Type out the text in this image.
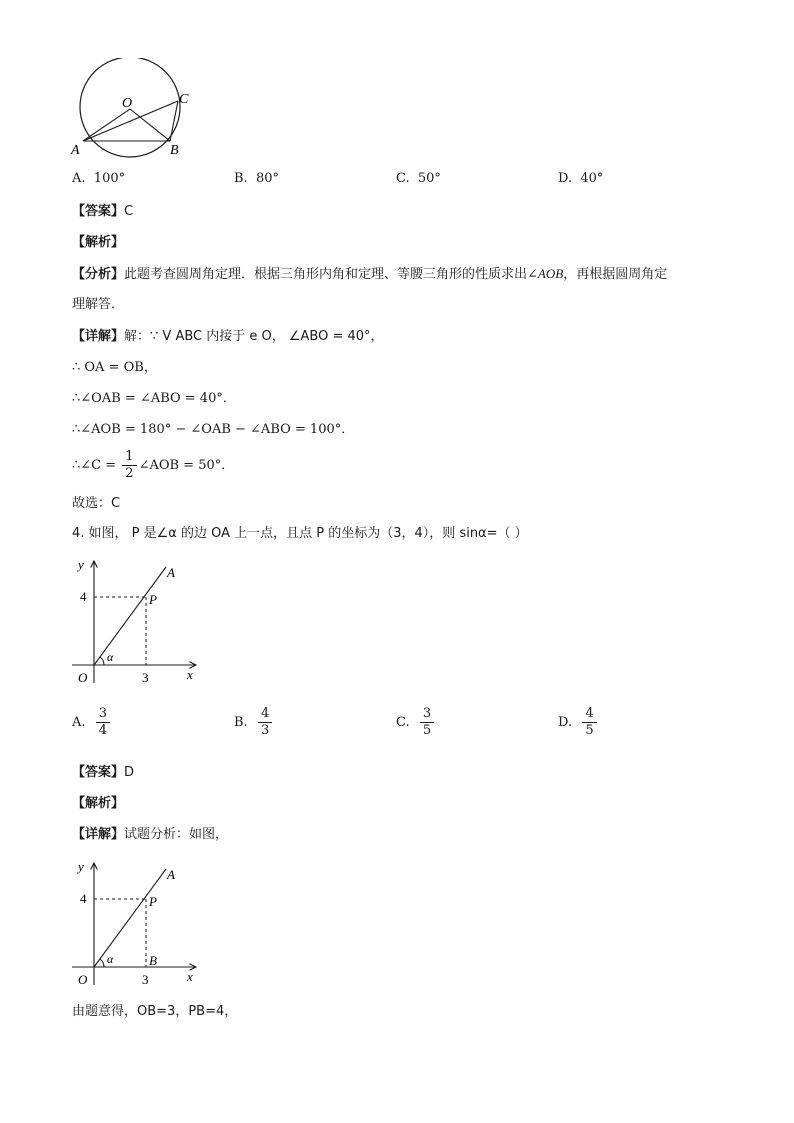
O	C
A	B
A. 100°	B. 80°	C. 50°	D. 40°
【答案】C
【解析】
【分析】此题考查圆周角定理．根据三角形内角和定理、等腰三角形的性质求出∠AOB，再根据圆周角定
理解答．
【详解】解：∵ V ABC 内接于 e O， ∠ABO = 40°，
∴ OA = OB，
∴∠OAB = ∠ABO = 40°．
∴∠AOB = 180° − ∠OAB − ∠ABO = 100°．
∴∠C = $\frac{1}{2}$ ∠AOB = 50°．
故选：C
4. 如图， P 是∠α 的边 OA 上一点，且点 P 的坐标为（3，4），则 sinα=（ ）
y
A
P
4
α
O	3	x
A. $\frac{3}{4}$	B. $\frac{4}{3}$	C. $\frac{3}{5}$	D. $\frac{4}{5}$
【答案】D
【解析】
【详解】试题分析：如图，
y
A
P
4
α	B
O	3	x
由题意得，OB=3，PB=4，
